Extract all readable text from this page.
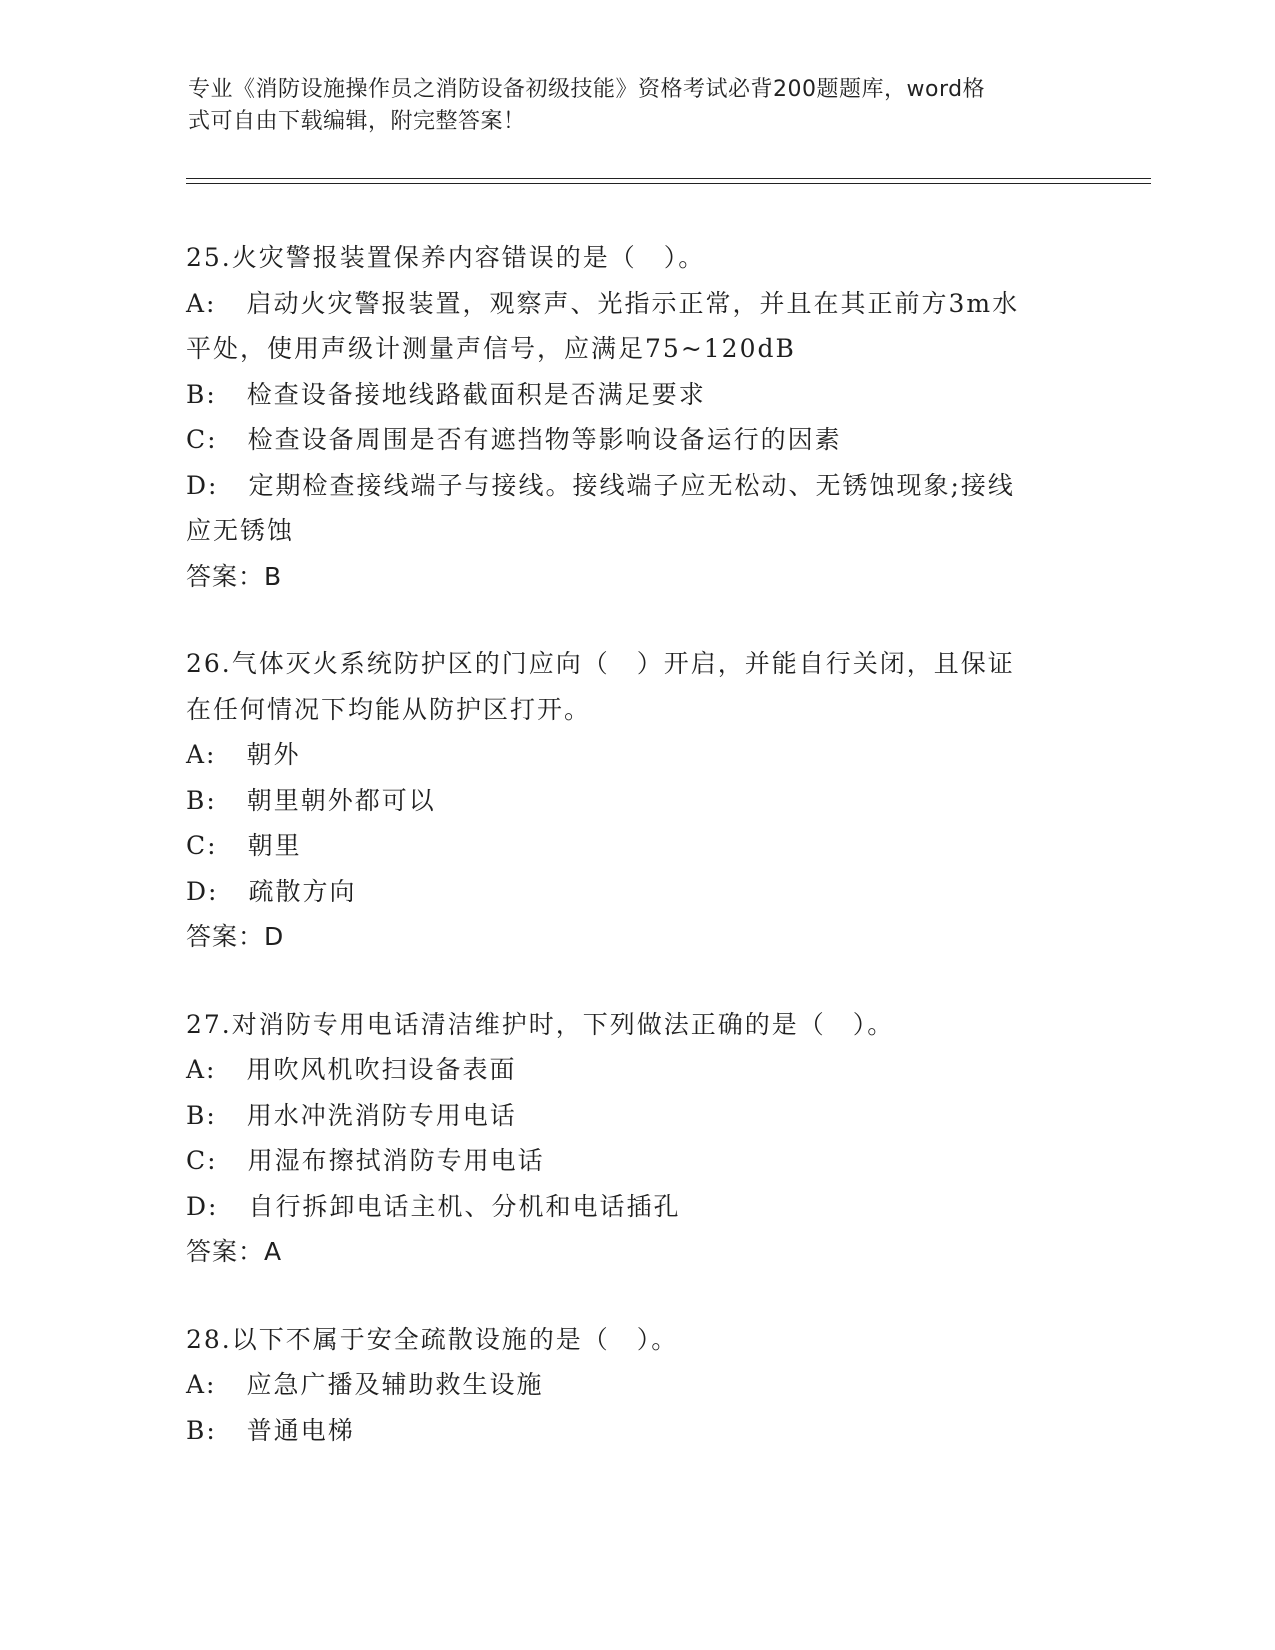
专业《消防设施操作员之消防设备初级技能》资格考试必背200题题库，word格
式可自由下载编辑，附完整答案！
25.火灾警报装置保养内容错误的是（　）。
A: 启动火灾警报装置，观察声、光指示正常，并且在其正前方3m水
平处，使用声级计测量声信号，应满足75~120dB
B: 检查设备接地线路截面积是否满足要求
C: 检查设备周围是否有遮挡物等影响设备运行的因素
D: 定期检查接线端子与接线。接线端子应无松动、无锈蚀现象;接线
应无锈蚀
答案：B
26.气体灭火系统防护区的门应向（　）开启，并能自行关闭，且保证
在任何情况下均能从防护区打开。
A: 朝外
B: 朝里朝外都可以
C: 朝里
D: 疏散方向
答案：D
27.对消防专用电话清洁维护时，下列做法正确的是（　）。
A: 用吹风机吹扫设备表面
B: 用水冲洗消防专用电话
C: 用湿布擦拭消防专用电话
D: 自行拆卸电话主机、分机和电话插孔
答案：A
28.以下不属于安全疏散设施的是（　）。
A: 应急广播及辅助救生设施
B: 普通电梯
